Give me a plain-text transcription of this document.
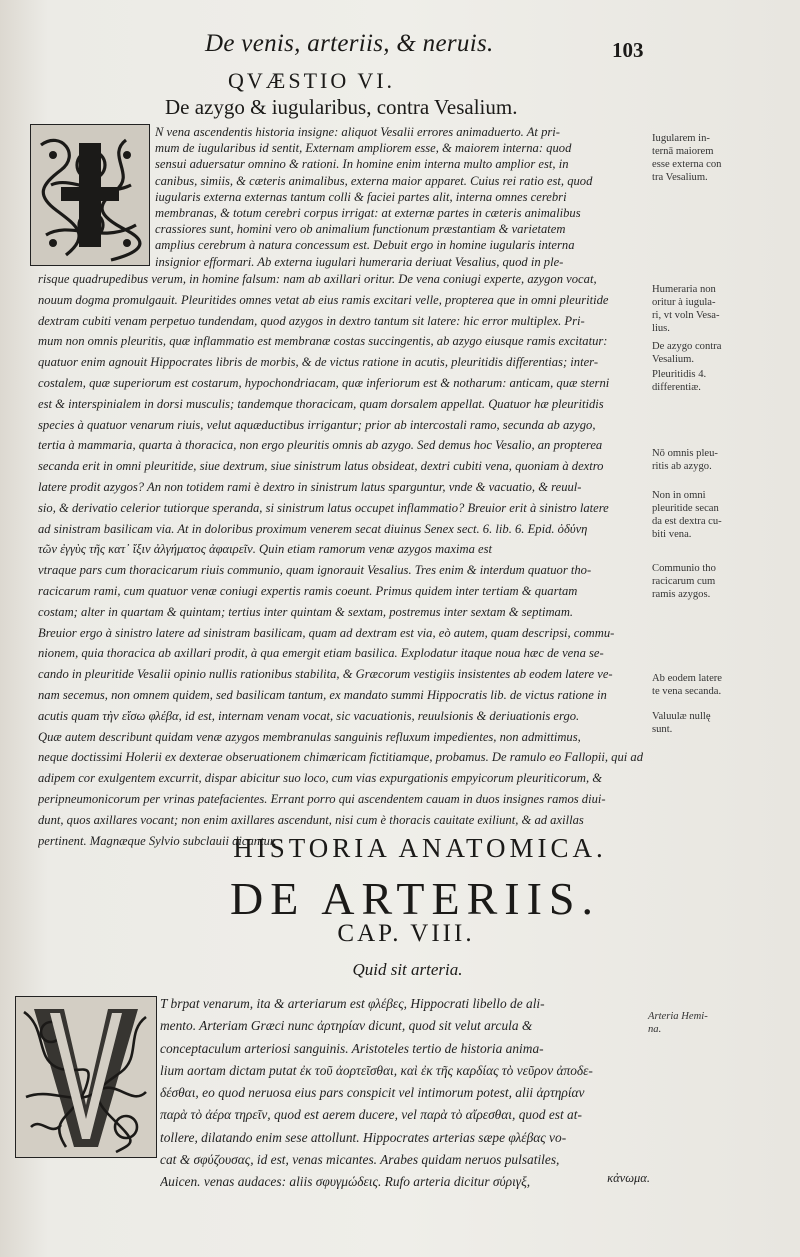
De venis, arteriis, & neruis.	103
QVÆSTIO VI.
De azygo & iugularibus, contra Vesalium.
N vena ascendentis historia insigne: aliquot Vesalii errores animaduerto. At pri-
mum de iugularibus id sentit, Externam ampliorem esse, & maiorem interna: quod
sensui aduersatur omnino & rationi. In homine enim interna multo amplior est, in
canibus, simiis, & cæteris animalibus, externa maior apparet. Cuius rei ratio est, quod
iugularis externa externas tantum colli & faciei partes alit, interna omnes cerebri
membranas, & totum cerebri corpus irrigat: at externæ partes in cæteris animalibus
crassiores sunt, homini vero ob animalium functionum præstantiam & varietatem
amplius cerebrum à natura concessum est. Debuit ergo in homine iugularis interna
insignior efformari. Ab externa iugulari humeraria deriuat Vesalius, quod in ple-
risque quadrupedibus verum, in homine falsum: nam ab axillari oritur. De vena coniugi experte, azygon vocat,
nouum dogma promulgauit. Pleuritides omnes vetat ab eius ramis excitari velle, propterea que in omni pleuritide
dextram cubiti venam perpetuo tundendam, quod azygos in dextro tantum sit latere: hic error multiplex. Pri-
mum non omnis pleuritis, quæ inflammatio est membranæ costas succingentis, ab azygo eiusque ramis excitatur:
quatuor enim agnouit Hippocrates libris de morbis, & de victus ratione in acutis, pleuritidis differentias; inter-
costalem, quæ superiorum est costarum, hypochondriacam, quæ inferiorum est & notharum: anticam, quæ sterni
est & interspinialem in dorsi musculis; tandemque thoracicam, quam dorsalem appellat. Quatuor hæ pleuritidis
species à quatuor venarum riuis, velut aquæductibus irrigantur; prior ab intercostali ramo, secunda ab azygo,
tertia à mammaria, quarta à thoracica, non ergo pleuritis omnis ab azygo. Sed demus hoc Vesalio, an propterea
secanda erit in omni pleuritide, siue dextrum, siue sinistrum latus obsideat, dextri cubiti vena, quoniam à dextro
latere prodit azygos? An non totidem rami è dextro in sinistrum latus sparguntur, vnde & vacuatio, & reuul-
sio, & derivatio celerior tutiorque speranda, si sinistrum latus occupet inflammatio? Breuior erit à sinistro latere
ad sinistram basilicam via. At in doloribus proximum venerem secat diuinus Senex sect. 6. lib. 6. Epid. ὀδύνη
τῶν ἐγγὺς τῆς κατ᾽ ἴξιν ἀλγήματος ἀφαιρεῖν. Quin etiam ramorum venæ azygos maxima est
vtraque pars cum thoracicarum riuis communio, quam ignorauit Vesalius. Tres enim & interdum quatuor tho-
racicarum rami, cum quatuor venæ coniugi expertis ramis coeunt. Primus quidem inter tertiam & quartam
costam; alter in quartam & quintam; tertius inter quintam & sextam, postremus inter sextam & septimam.
Breuior ergo à sinistro latere ad sinistram basilicam, quam ad dextram est via, eò autem, quam descripsi, commu-
nionem, quia thoracica ab axillari prodit, à qua emergit etiam basilica. Explodatur itaque noua hæc de vena se-
cando in pleuritide Vesalii opinio nullis rationibus stabilita, & Græcorum vestigiis insistentes ab eodem latere ve-
nam secemus, non omnem quidem, sed basilicam tantum, ex mandato summi Hippocratis lib. de victus ratione in
acutis quam τὴν εἴσω φλέβα, id est, internam venam vocat, sic vacuationis, reuulsionis & deriuationis ergo.
Quæ autem describunt quidam venæ azygos membranulas sanguinis refluxum impedientes, non admittimus,
neque doctissimi Holerii ex dexterae obseruationem chimæricam fictitiamque, probamus. De ramulo eo Fallopii, qui ad
adipem cor exulgentem excurrit, dispar abicitur suo loco, cum vias expurgationis empyicorum pleuriticorum, &
peripneumonicorum per vrinas patefacientes. Errant porro qui ascendentem cauam in duos insignes ramos diui-
dunt, quos axillares vocant; non enim axillares ascendunt, nisi cum è thoracis cauitate exiliunt, & ad axillas
pertinent. Magnæque Sylvio subclauii dicuntur.
Iugularem in-
ternā maiorem
esse externa con
tra Vesalium.
Humeraria non
oritur à iugula-
ri, vt voln Vesa-
lius.
De azygo contra
Vesalium.
Pleuritidis 4.
differentiæ.
Nō omnis pleu-
ritis ab azygo.
Non in omni
pleuritide secan
da est dextra cu-
biti vena.
Communio tho
racicarum cum
ramis azygos.
Ab eodem latere
te vena secanda.
Valuulæ nullę
sunt.
Arteria Hemi-
na.
HISTORIA ANATOMICA.
DE ARTERIIS.
CAP. VIII.
Quid sit arteria.
T brpat venarum, ita & arteriarum est φλέβες, Hippocrati libello de ali-
mento. Arteriam Græci nunc ἀρτηρίαν dicunt, quod sit velut arcula &
conceptaculum arteriosi sanguinis. Aristoteles tertio de historia anima-
lium aortam dictam putat ἐκ τοῦ ἀορτεῖσθαι, καὶ ἐκ τῆς καρδίας τὸ νεῦρον ἀποδε-
δέσθαι, eo quod neruosa eius pars conspicit vel intimorum potest, alii ἀρτηρίαν
παρὰ τὸ ἀέρα τηρεῖν, quod est aerem ducere, vel παρὰ τὸ αἴρεσθαι, quod est at-
tollere, dilatando enim sese attollunt. Hippocrates arterias sæpe φλέβας vo-
cat & σφύζουσας, id est, venas micantes. Arabes quidam neruos pulsatiles,
Auicen. venas audaces: aliis σφυγμώδεις. Rufo arteria dicitur σύριγξ,	κἀνωμα.
